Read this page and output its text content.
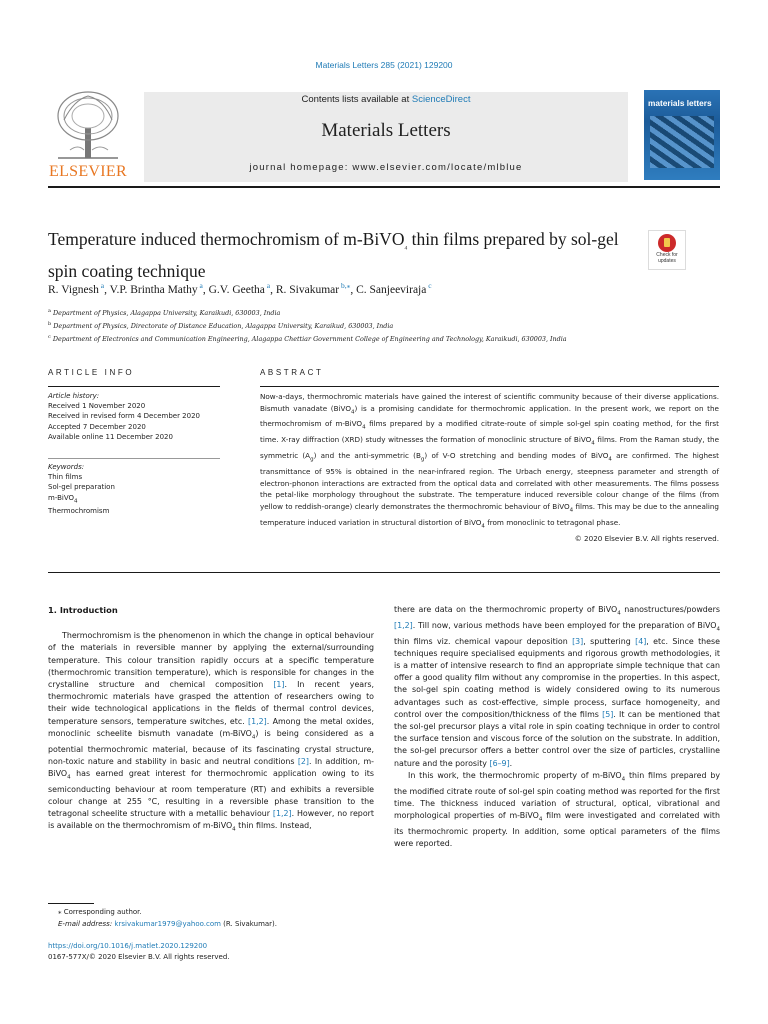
Materials Letters 285 (2021) 129200
ELSEVIER
Contents lists available at ScienceDirect
Materials Letters
journal homepage: www.elsevier.com/locate/mlblue
materials letters
Temperature induced thermochromism of m-BiVO$_4$ thin films prepared by sol-gel spin coating technique
Check for
updates
R. Vignesh $^a$, V.P. Brintha Mathy $^a$, G.V. Geetha $^a$, R. Sivakumar $^{b,⁎}$, C. Sanjeeviraja $^c$
$^a$ Department of Physics, Alagappa University, Karaikudi, 630003, India
$^b$ Department of Physics, Directorate of Distance Education, Alagappa University, Karaikud, 630003, India
$^c$ Department of Electronics and Communication Engineering, Alagappa Chettiar Government College of Engineering and Technology, Karaikudi, 630003, India
ARTICLE INFO
Article history:
Received 1 November 2020
Received in revised form 4 December 2020
Accepted 7 December 2020
Available online 11 December 2020
Keywords:
Thin films
Sol-gel preparation
m-BiVO$_4$
Thermochromism
ABSTRACT
Now-a-days, thermochromic materials have gained the interest of scientific community because of their diverse applications. Bismuth vanadate (BiVO$_4$) is a promising candidate for thermochromic application. In the present work, we report on the thermochromism of m-BiVO$_4$ films prepared by a modified citrate-route of simple sol-gel spin coating method, for the first time. X-ray diffraction (XRD) study witnesses the formation of monoclinic structure of BiVO$_4$ films. From the Raman study, the symmetric $(A_g)$ and the anti-symmetric $(B_g)$ of V-O stretching and bending modes of BiVO$_4$ are confirmed. The highest transmittance of 95% is obtained in the near-infrared region. The Urbach energy, steepness parameter and strength of electron-phonon interactions are extracted from the optical data and correlated with other measurements. The films possess the petal-like morphology throughout the substrate. The temperature induced reversible colour change of the films (from yellow to reddish-orange) clearly demonstrates the thermochromic behaviour of BiVO$_4$ films. This may be due to the annealing temperature induced variation in structural distortion of BiVO$_4$ from monoclinic to tetragonal phase.
© 2020 Elsevier B.V. All rights reserved.
1. Introduction
Thermochromism is the phenomenon in which the change in optical behaviour of the materials in reversible manner by applying the external/surrounding temperature. This colour transition rapidly occurs at a specific temperature (thermochromic transition temperature), which is responsible for changes in the crystalline structure and chemical composition [1]. In recent years, thermochromic materials have grasped the attention of researchers owing to their wide technological applications in the fields of thermal control devices, temperature sensors, temperature switches, etc. [1,2]. Among the metal oxides, monoclinic scheelite bismuth vanadate (m-BiVO$_4$) is being considered as a potential thermochromic material, because of its fascinating crystal structure, non-toxic nature and stability in basic and neutral conditions [2]. In addition, m-BiVO$_4$ has earned great interest for thermochromic application owing to its semiconducting behaviour at room temperature (RT) and exhibits a reversible colour change at 255 °C, resulting in a reversible phase transition to the tetragonal scheelite structure with a metallic behaviour [1,2]. However, no report is available on the thermochromism of m-BiVO$_4$ thin films. Instead,
there are data on the thermochromic property of BiVO$_4$ nanostructures/powders [1,2]. Till now, various methods have been employed for the preparation of BiVO$_4$ thin films viz. chemical vapour deposition [3], sputtering [4], etc. Since these techniques require specialised equipments and rigorous growth methodologies, it is a matter of intensive research to find an appropriate simple technique that can offer a good quality film without any compromise in the properties. In this aspect, the sol-gel spin coating method is widely considered owing to its numerous advantages such as cost-effective, simple process, surface homogeneity, and control over the composition/thickness of the films [5]. It can be mentioned that the sol-gel precursor plays a vital role in spin coating technique in order to control the surface tension and viscous force of the solution on the substrate. In addition, the sol-gel precursor offers a better control over the size of particles, crystalline nature and the porosity [6–9].
In this work, the thermochromic property of m-BiVO$_4$ thin films prepared by the modified citrate route of sol-gel spin coating method was reported for the first time. The thickness induced variation of structural, optical, vibrational and morphological properties of m-BiVO$_4$ film were investigated and correlated with its thermochromic property. In addition, some optical parameters of the films were reported.
⁎ Corresponding author.
E-mail address: krsivakumar1979@yahoo.com (R. Sivakumar).
https://doi.org/10.1016/j.matlet.2020.129200
0167-577X/© 2020 Elsevier B.V. All rights reserved.
